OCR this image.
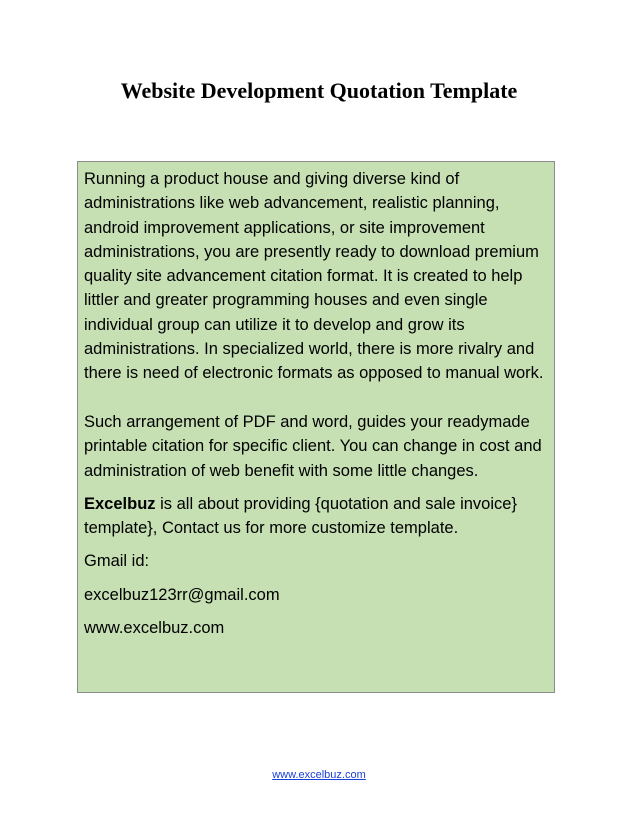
Website Development Quotation Template

Running a product house and giving diverse kind of administrations like web advancement, realistic planning, android improvement applications, or site improvement administrations, you are presently ready to download premium quality site advancement citation format. It is created to help littler and greater programming houses and even single individual group can utilize it to develop and grow its administrations. In specialized world, there is more rivalry and there is need of electronic formats as opposed to manual work.

Such arrangement of PDF and word, guides your readymade printable citation for specific client. You can change in cost and administration of web benefit with some little changes.

Excelbuz is all about providing {quotation and sale invoice} template}, Contact us for more customize template.

Gmail id:

excelbuz123rr@gmail.com

www.excelbuz.com

www.excelbuz.com
